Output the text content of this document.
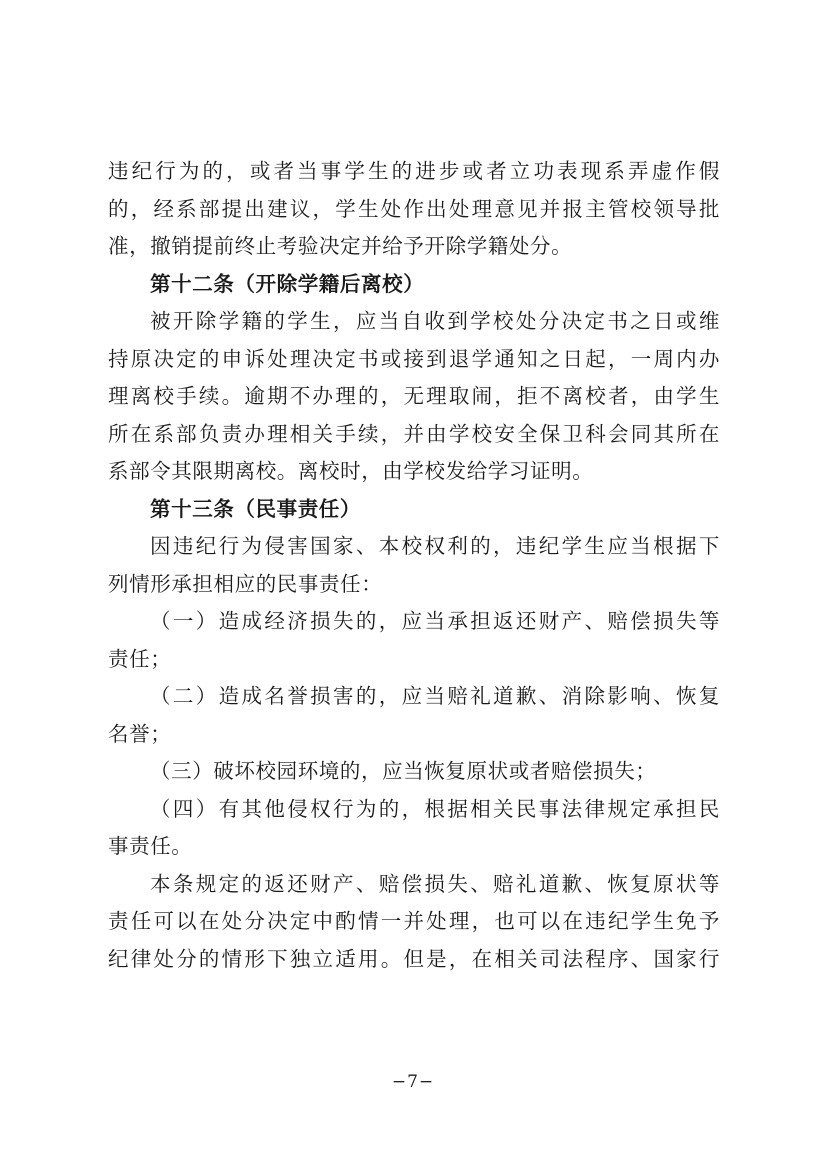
违纪行为的，或者当事学生的进步或者立功表现系弄虚作假
的，经系部提出建议，学生处作出处理意见并报主管校领导批
准，撤销提前终止考验决定并给予开除学籍处分。
第十二条（开除学籍后离校）
被开除学籍的学生，应当自收到学校处分决定书之日或维
持原决定的申诉处理决定书或接到退学通知之日起，一周内办
理离校手续。逾期不办理的，无理取闹，拒不离校者，由学生
所在系部负责办理相关手续，并由学校安全保卫科会同其所在
系部令其限期离校。离校时，由学校发给学习证明。
第十三条（民事责任）
因违纪行为侵害国家、本校权利的，违纪学生应当根据下
列情形承担相应的民事责任：
（一）造成经济损失的，应当承担返还财产、赔偿损失等
责任；
（二）造成名誉损害的，应当赔礼道歉、消除影响、恢复
名誉；
（三）破坏校园环境的，应当恢复原状或者赔偿损失；
（四）有其他侵权行为的，根据相关民事法律规定承担民
事责任。
本条规定的返还财产、赔偿损失、赔礼道歉、恢复原状等
责任可以在处分决定中酌情一并处理，也可以在违纪学生免予
纪律处分的情形下独立适用。但是，在相关司法程序、国家行
−7−
